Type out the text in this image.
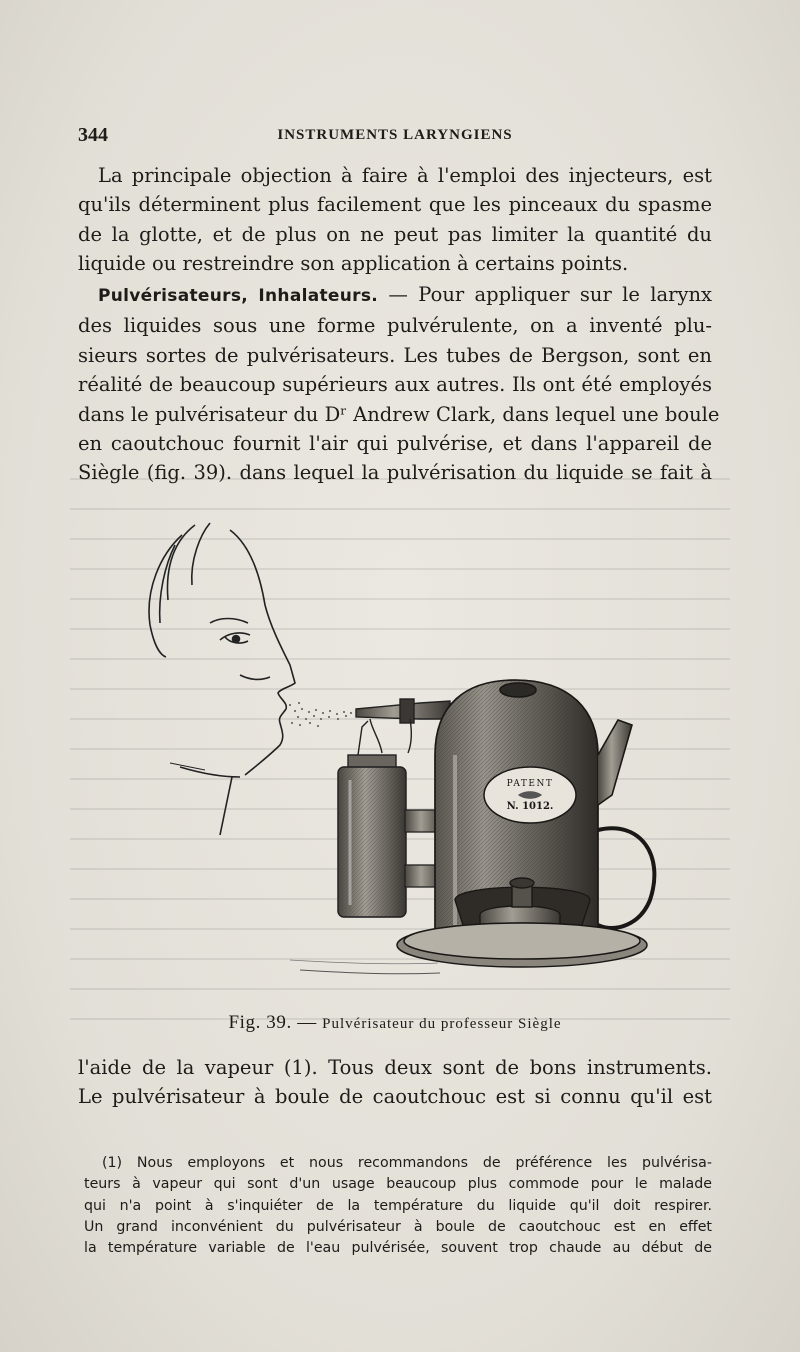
344	INSTRUMENTS LARYNGIENS
La principale objection à faire à l'emploi des injecteurs, est
qu'ils déterminent plus facilement que les pinceaux du spasme
de la glotte, et de plus on ne peut pas limiter la quantité du
liquide ou restreindre son application à certains points.
Pulvérisateurs, Inhalateurs. — Pour appliquer sur le larynx
des liquides sous une forme pulvérulente, on a inventé plu-
sieurs sortes de pulvérisateurs. Les tubes de Bergson, sont en
réalité de beaucoup supérieurs aux autres. Ils ont été employés
dans le pulvérisateur du Dʳ Andrew Clark, dans lequel une boule
en caoutchouc fournit l'air qui pulvérise, et dans l'appareil de
Siègle (fig. 39). dans lequel la pulvérisation du liquide se fait à
PATENT
N. 1012.
Fig. 39. — Pulvérisateur du professeur Siègle
l'aide de la vapeur (1). Tous deux sont de bons instruments.
Le pulvérisateur à boule de caoutchouc est si connu qu'il est
(1) Nous employons et nous recommandons de préférence les pulvérisa-
teurs à vapeur qui sont d'un usage beaucoup plus commode pour le malade
qui n'a point à s'inquiéter de la température du liquide qu'il doit respirer.
Un grand inconvénient du pulvérisateur à boule de caoutchouc est en effet
la température variable de l'eau pulvérisée, souvent trop chaude au début de
